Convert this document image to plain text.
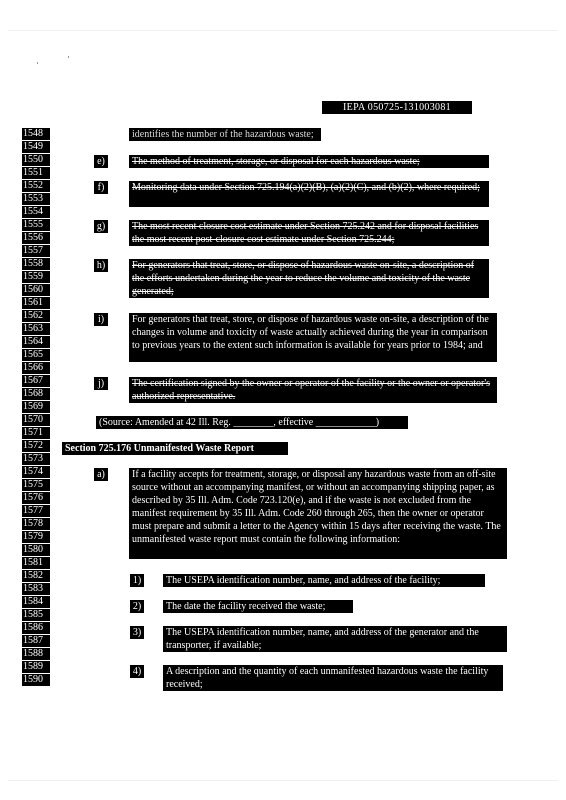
IEPA 050725-131003081
1548
1549
1550
1551
1552
1553
1554
1555
1556
1557
1558
1559
1560
1561
1562
1563
1564
1565
1566
1567
1568
1569
1570
1571
1572
1573
1574
1575
1576
1577
1578
1579
1580
1581
1582
1583
1584
1585
1586
1587
1588
1589
1590
identifies the number of the hazardous waste;
e)	The method of treatment, storage, or disposal for each hazardous waste;
f)	Monitoring data under Section 725.194(a)(2)(B), (a)(2)(C), and (b)(2), where required;
g)	The most recent closure cost estimate under Section 725.242 and for disposal facilities the most recent post-closure cost estimate under Section 725.244;
h)	For generators that treat, store, or dispose of hazardous waste on-site, a description of the efforts undertaken during the year to reduce the volume and toxicity of the waste generated;
i)	For generators that treat, store, or dispose of hazardous waste on-site, a description of the changes in volume and toxicity of waste actually achieved during the year in comparison to previous years to the extent such information is available for years prior to 1984; and
j)	The certification signed by the owner or operator of the facility or the owner or operator's authorized representative.
(Source: Amended at 42 Ill. Reg. ________, effective ____________)
Section 725.176 Unmanifested Waste Report
a)	If a facility accepts for treatment, storage, or disposal any hazardous waste from an off-site source without an accompanying manifest, or without an accompanying shipping paper, as described by 35 Ill. Adm. Code 723.120(e), and if the waste is not excluded from the manifest requirement by 35 Ill. Adm. Code 260 through 265, then the owner or operator must prepare and submit a letter to the Agency within 15 days after receiving the waste. The unmanifested waste report must contain the following information:
1)	The USEPA identification number, name, and address of the facility;
2)	The date the facility received the waste;
3)	The USEPA identification number, name, and address of the generator and the transporter, if available;
4)	A description and the quantity of each unmanifested hazardous waste the facility received;
